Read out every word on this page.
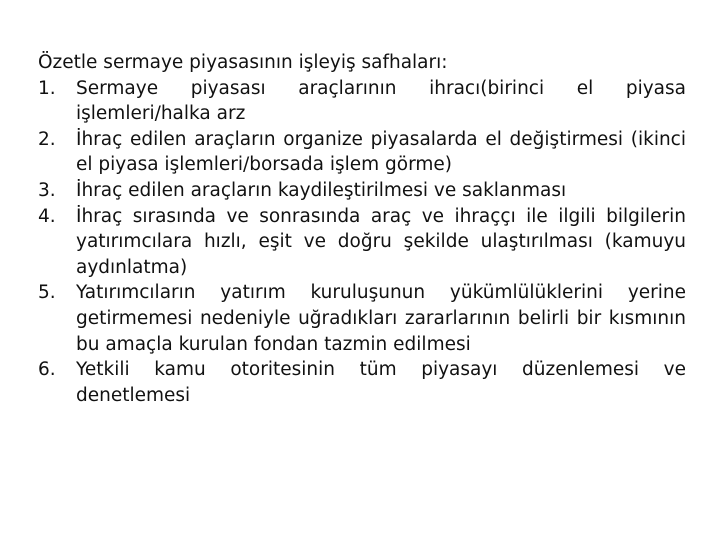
Özetle sermaye piyasasının işleyiş safhaları:

1. Sermaye piyasası araçlarının ihracı(birinci el piyasa işlemleri/halka arz
2. İhraç edilen araçların organize piyasalarda el değiştirmesi (ikinci el piyasa işlemleri/borsada işlem görme)
3. İhraç edilen araçların kaydileştirilmesi ve saklanması
4. İhraç sırasında ve sonrasında araç ve ihraççı ile ilgili bilgilerin yatırımcılara hızlı, eşit ve doğru şekilde ulaştırılması (kamuyu aydınlatma)
5. Yatırımcıların yatırım kuruluşunun yükümlülüklerini yerine getirmemesi nedeniyle uğradıkları zararlarının belirli bir kısmının bu amaçla kurulan fondan tazmin edilmesi
6. Yetkili kamu otoritesinin tüm piyasayı düzenlemesi ve denetlemesi
